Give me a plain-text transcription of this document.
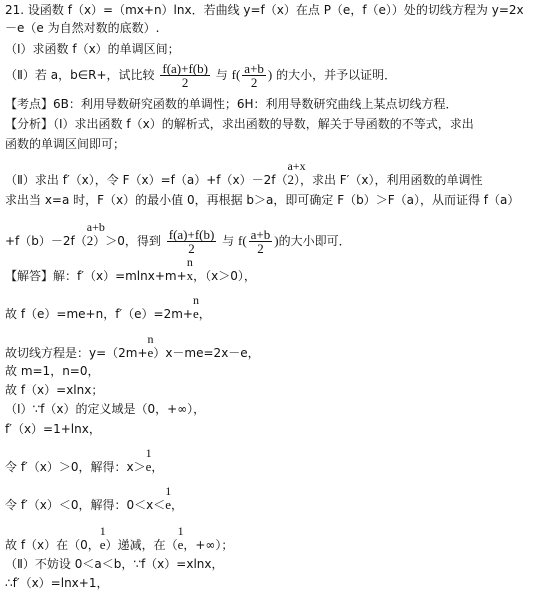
21. 设函数 f（x）=（mx+n）lnx．若曲线 y=f（x）在点 P（e，f（e））处的切线方程为 y=2x
－e（e 为自然对数的底数）.
（Ⅰ）求函数 f（x）的单调区间；
（Ⅱ）若 a，b∈R+，试比较 $\frac{f(a)+f(b)}{2}$ 与 $f( \frac{a+b}{2}$ ) 的大小，并予以证明．
【考点】6B：利用导数研究函数的单调性；6H：利用导数研究曲线上某点切线方程．
【分析】（Ⅰ）求出函数 f（x）的解析式，求出函数的导数，解关于导函数的不等式，求出
函数的单调区间即可；
（Ⅱ）求出 f′（x），令 F（x）=f（a）+f（x）－2f（
a+x
2），求出 F′（x），利用函数的单调性
求出当 x=a 时，F（x）的最小值 0，再根据 b＞a，即可确定 F（b）＞F（a），从而证得 f（a）
+f（b）－2f（
a+b
2）＞0，得到 $\frac{f(a)+f(b)}{2}$ 与 $f( \frac{a+b}{2}$ )的大小即可．
【解答】解：f′（x）=mlnx+m+
n
x，（x＞0），
故 f（e）=me+n，f′（e）=2m+
n
e，
故切线方程是：y=（2m+
n
e）x－me=2x－e，
故 m=1，n=0，
故 f（x）=xlnx；
（Ⅰ）∵f（x）的定义域是（0，+∞），
f′（x）=1+lnx，
令 f′（x）＞0，解得：x＞
1
e，
令 f′（x）＜0，解得：0＜x＜
1
e，
故 f（x）在（0，
1
e）递减，在（
1
e，+∞）；
（Ⅱ）不妨设 0＜a＜b，∵f（x）=xlnx，
∴f′（x）=lnx+1，
